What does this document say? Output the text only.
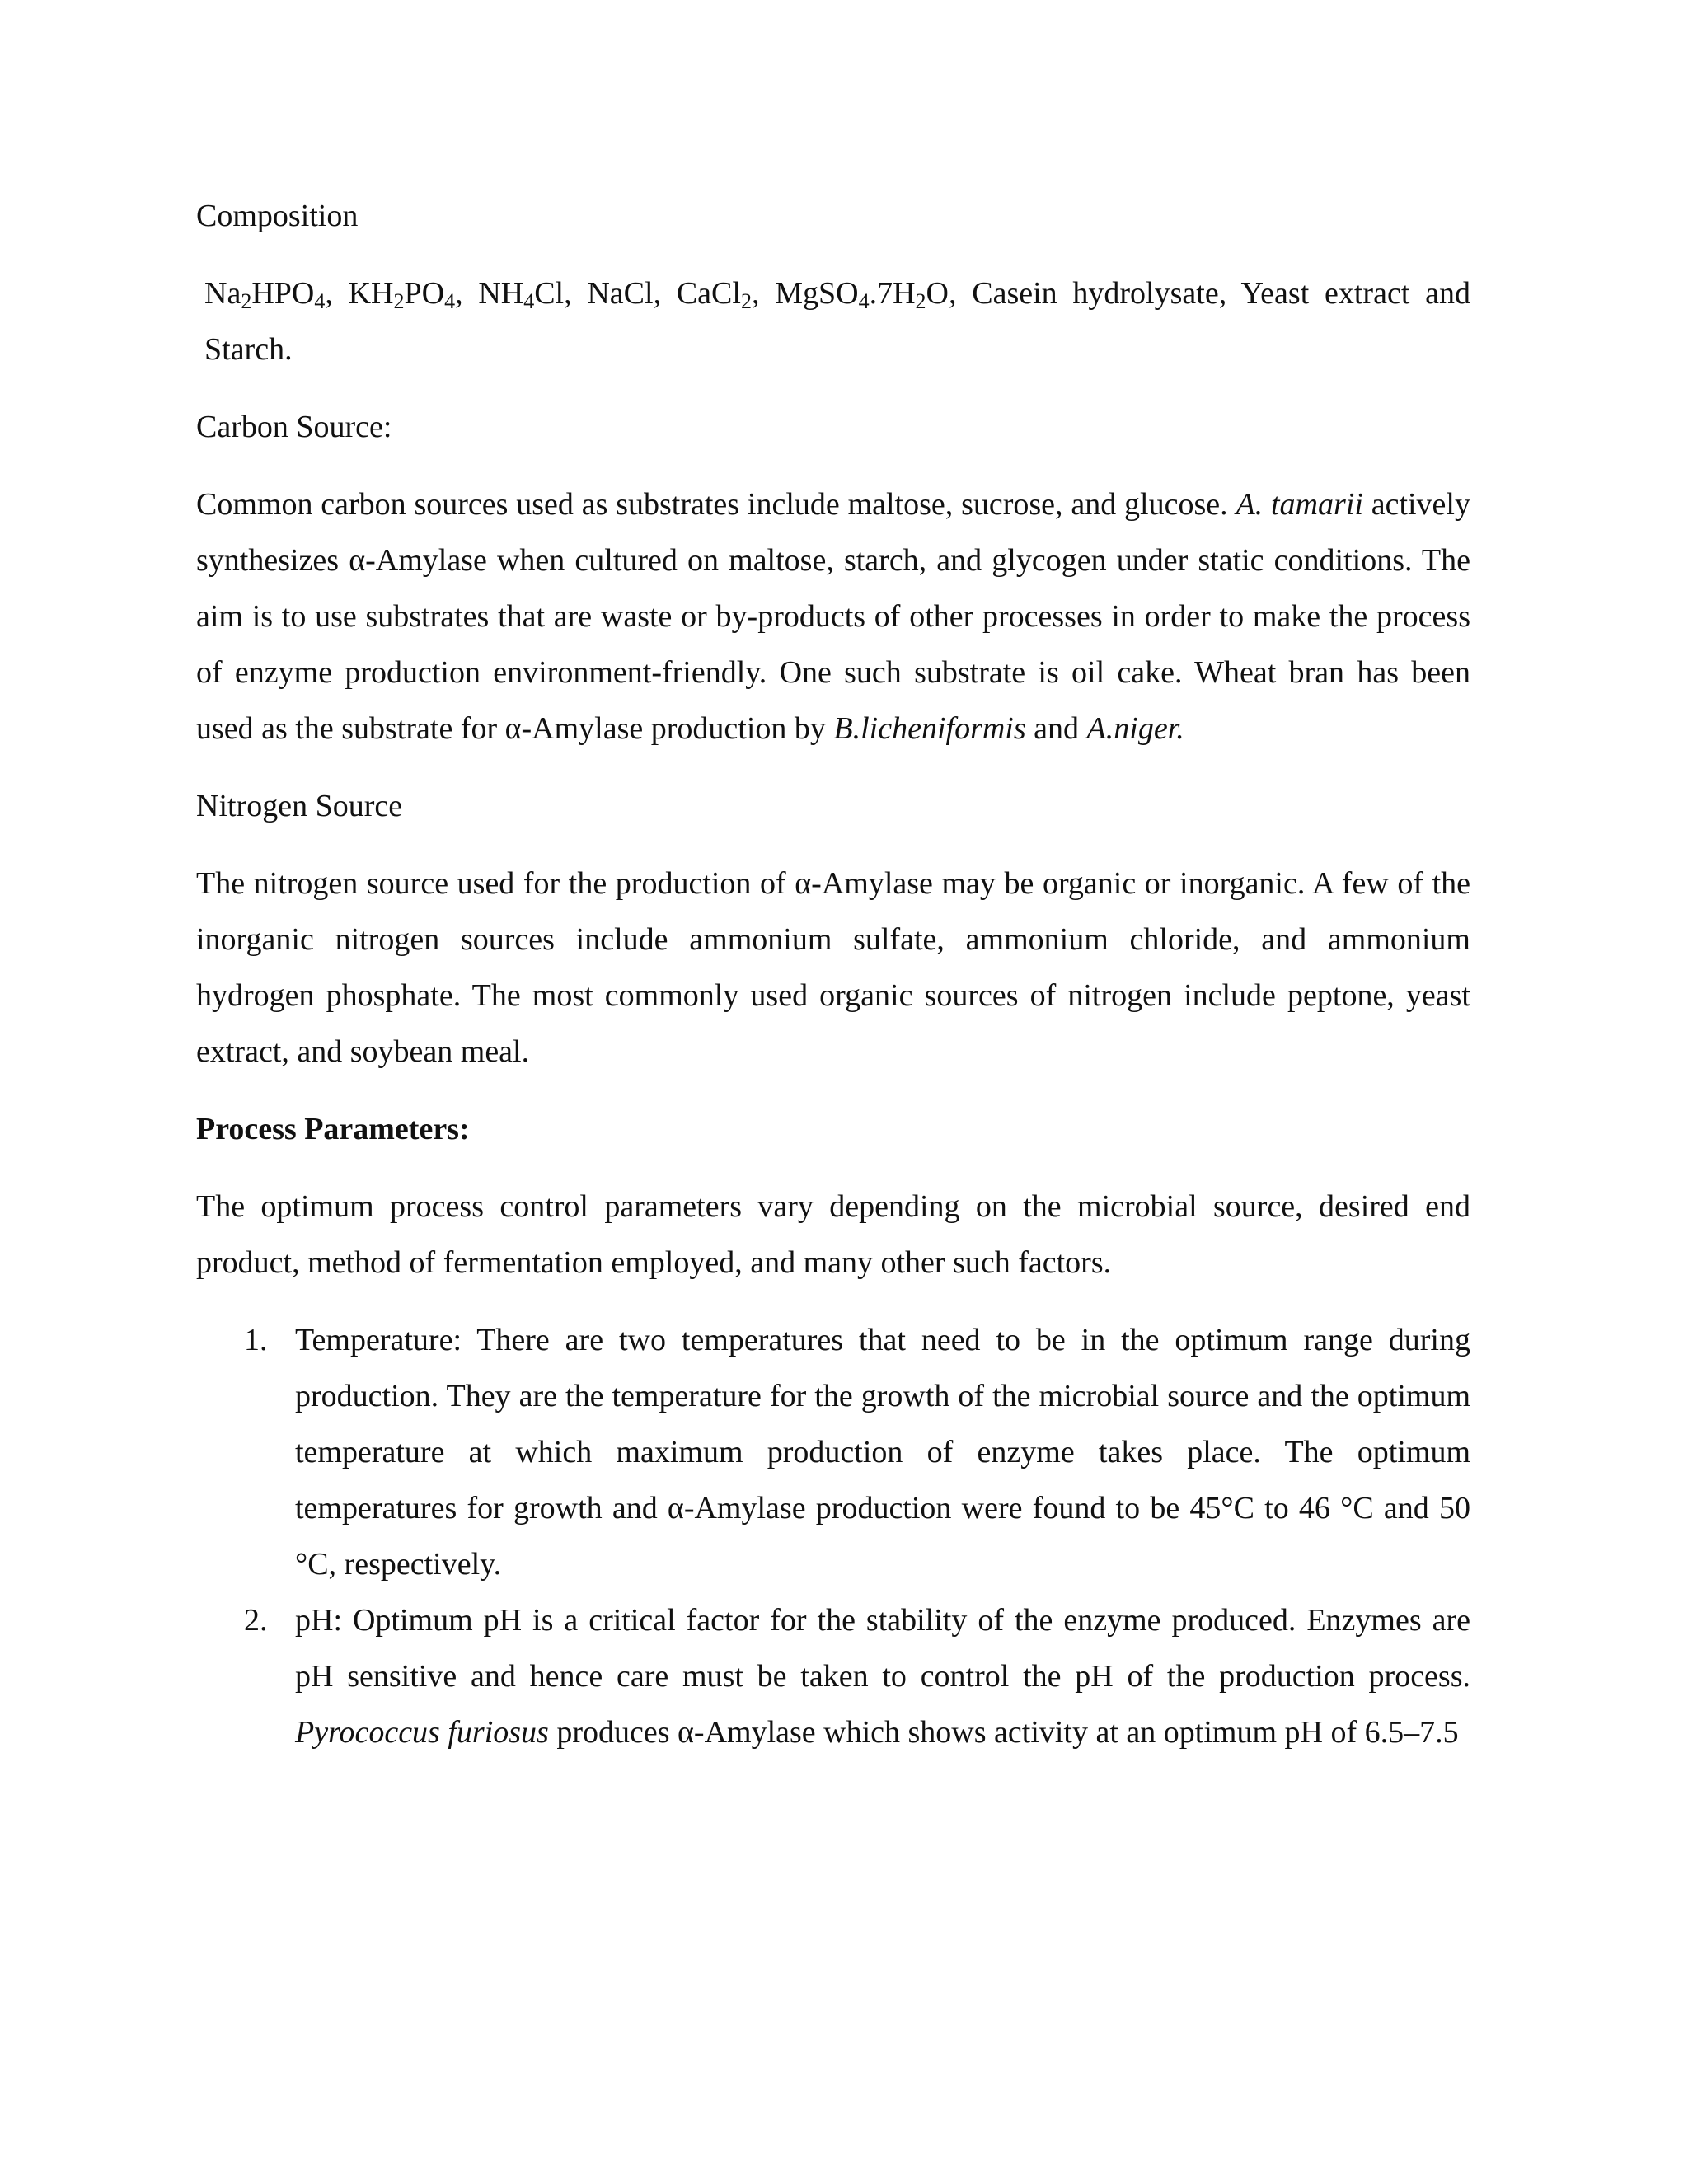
Composition

$Na_2HPO_4$, $KH_2PO_4$, $NH_4Cl$, NaCl, CaCl$_2$, $MgSO_4.7H_2O$, Casein hydrolysate, Yeast extract and Starch.

Carbon Source:

Common carbon sources used as substrates include maltose, sucrose, and glucose. A. tamarii actively synthesizes α-Amylase when cultured on maltose, starch, and glycogen under static conditions. The aim is to use substrates that are waste or by-products of other processes in order to make the process of enzyme production environment-friendly. One such substrate is oil cake. Wheat bran has been used as the substrate for α-Amylase production by B.licheniformis and A.niger.

Nitrogen Source

The nitrogen source used for the production of α-Amylase may be organic or inorganic. A few of the inorganic nitrogen sources include ammonium sulfate, ammonium chloride, and ammonium hydrogen phosphate. The most commonly used organic sources of nitrogen include peptone, yeast extract, and soybean meal.

Process Parameters:

The optimum process control parameters vary depending on the microbial source, desired end product, method of fermentation employed, and many other such factors.

1. Temperature: There are two temperatures that need to be in the optimum range during production. They are the temperature for the growth of the microbial source and the optimum temperature at which maximum production of enzyme takes place. The optimum temperatures for growth and α-Amylase production were found to be 45°C to 46 °C and 50 °C, respectively.
2. pH: Optimum pH is a critical factor for the stability of the enzyme produced. Enzymes are pH sensitive and hence care must be taken to control the pH of the production process. Pyrococcus furiosus produces α-Amylase which shows activity at an optimum pH of 6.5–7.5
